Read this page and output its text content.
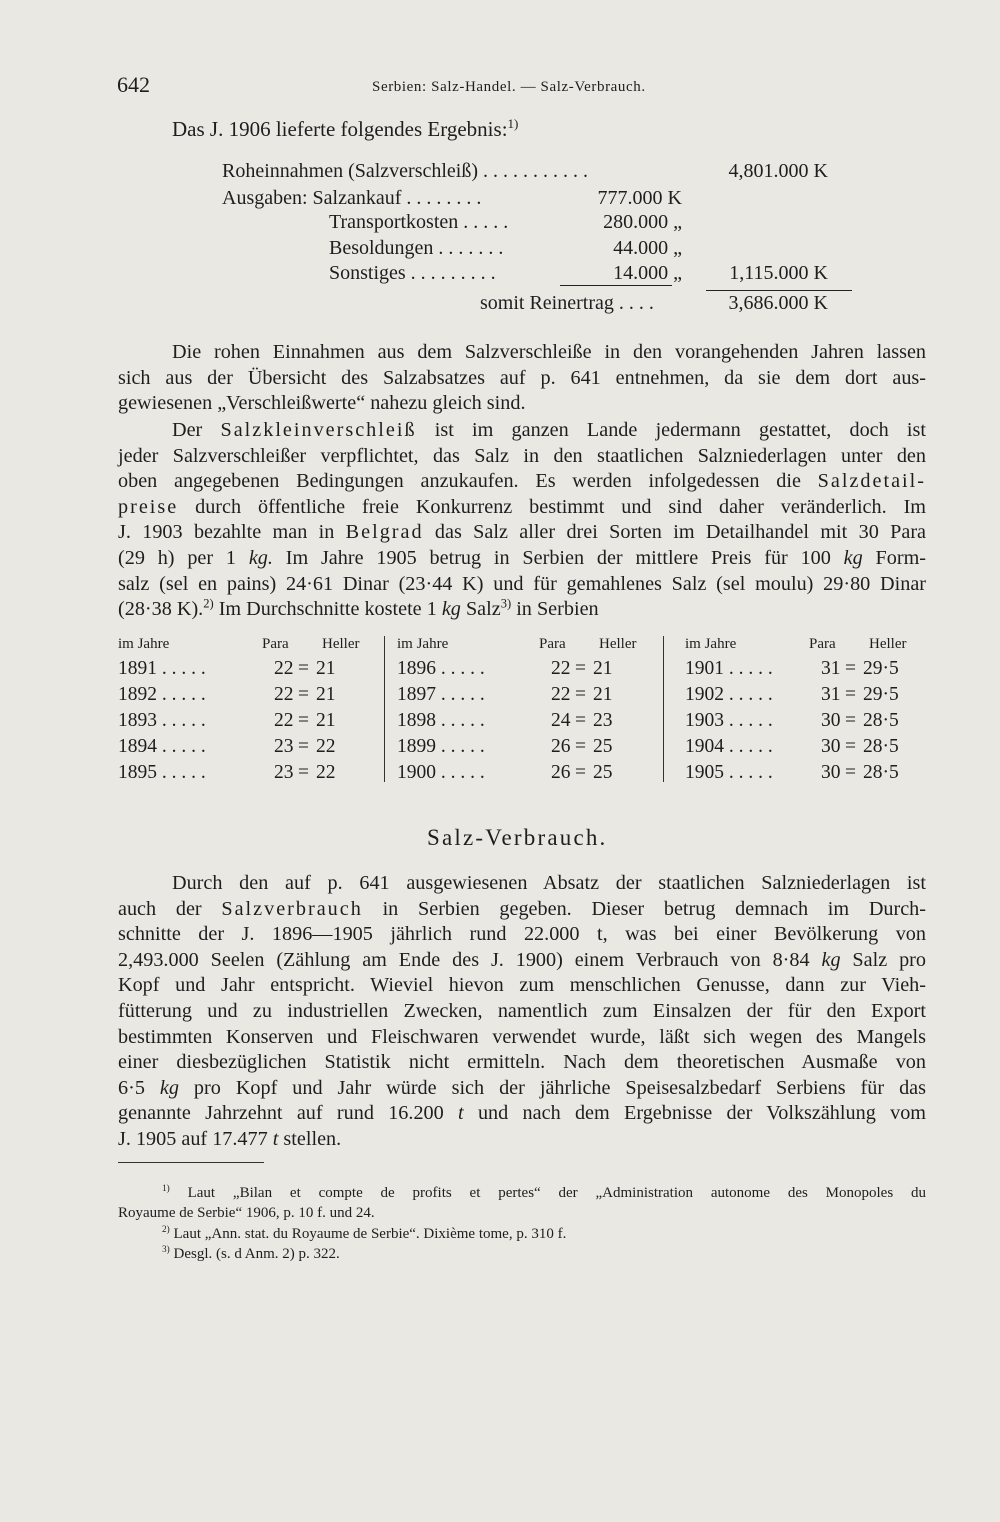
642	Serbien: Salz-Handel. — Salz-Verbrauch.
Das J. 1906 lieferte folgendes Ergebnis:$^{1)}$
Roheinnahmen (Salzverschleiß) . . . . . . . . . . .	4,801.000 K
Ausgaben: Salzankauf . . . . . . . .	777.000 K
Transportkosten . . . . .	280.000 „
Besoldungen . . . . . . .	44.000 „
Sonstiges . . . . . . . . .	14.000 „	1,115.000 K
somit Reinertrag . . . .	3,686.000 K
Die rohen Einnahmen aus dem Salzverschleiße in den vorangehenden Jahren lassen
sich aus der Übersicht des Salzabsatzes auf p. 641 entnehmen, da sie dem dort aus-
gewiesenen „Verschleißwerte“ nahezu gleich sind.
Der Salzkleinverschleiß ist im ganzen Lande jedermann gestattet, doch ist
jeder Salzverschleißer verpflichtet, das Salz in den staatlichen Salzniederlagen unter den
oben angegebenen Bedingungen anzukaufen. Es werden infolgedessen die Salzdetail-
preise durch öffentliche freie Konkurrenz bestimmt und sind daher veränderlich. Im
J. 1903 bezahlte man in Belgrad das Salz aller drei Sorten im Detailhandel mit 30 Para
(29 h) per 1 kg. Im Jahre 1905 betrug in Serbien der mittlere Preis für 100 kg Form-
salz (sel en pains) 24·61 Dinar (23·44 K) und für gemahlenes Salz (sel moulu) 29·80 Dinar
(28·38 K).$^{2)}$ Im Durchschnitte kostete 1 kg Salz$^{3)}$ in Serbien
im Jahre	Para Heller
1891 . . . . .	22 = 21
1892 . . . . .	22 = 21
1893 . . . . .	22 = 21
1894 . . . . .	23 = 22
1895 . . . . .	23 = 22
im Jahre	Para Heller
1896 . . . . .	22 = 21
1897 . . . . .	22 = 21
1898 . . . . .	24 = 23
1899 . . . . .	26 = 25
1900 . . . . .	26 = 25
im Jahre	Para Heller
1901 . . . . . 31 = 29·5
1902 . . . . . 31 = 29·5
1903 . . . . . 30 = 28·5
1904 . . . . . 30 = 28·5
1905 . . . . . 30 = 28·5
Salz-Verbrauch.
Durch den auf p. 641 ausgewiesenen Absatz der staatlichen Salzniederlagen ist
auch der Salzverbrauch in Serbien gegeben. Dieser betrug demnach im Durch-
schnitte der J. 1896—1905 jährlich rund 22.000 t, was bei einer Bevölkerung von
2,493.000 Seelen (Zählung am Ende des J. 1900) einem Verbrauch von 8·84 kg Salz pro
Kopf und Jahr entspricht. Wieviel hievon zum menschlichen Genusse, dann zur Vieh-
fütterung und zu industriellen Zwecken, namentlich zum Einsalzen der für den Export
bestimmten Konserven und Fleischwaren verwendet wurde, läßt sich wegen des Mangels
einer diesbezüglichen Statistik nicht ermitteln. Nach dem theoretischen Ausmaße von
6·5 kg pro Kopf und Jahr würde sich der jährliche Speisesalzbedarf Serbiens für das
genannte Jahrzehnt auf rund 16.200 t und nach dem Ergebnisse der Volkszählung vom
J. 1905 auf 17.477 t stellen.
$^{1)}$ Laut „Bilan et compte de profits et pertes“ der „Administration autonome des Monopoles du
Royaume de Serbie“ 1906, p. 10 f. und 24.
$^{2)}$ Laut „Ann. stat. du Royaume de Serbie“. Dixième tome, p. 310 f.
$^{3)}$ Desgl. (s. d Anm. 2) p. 322.
